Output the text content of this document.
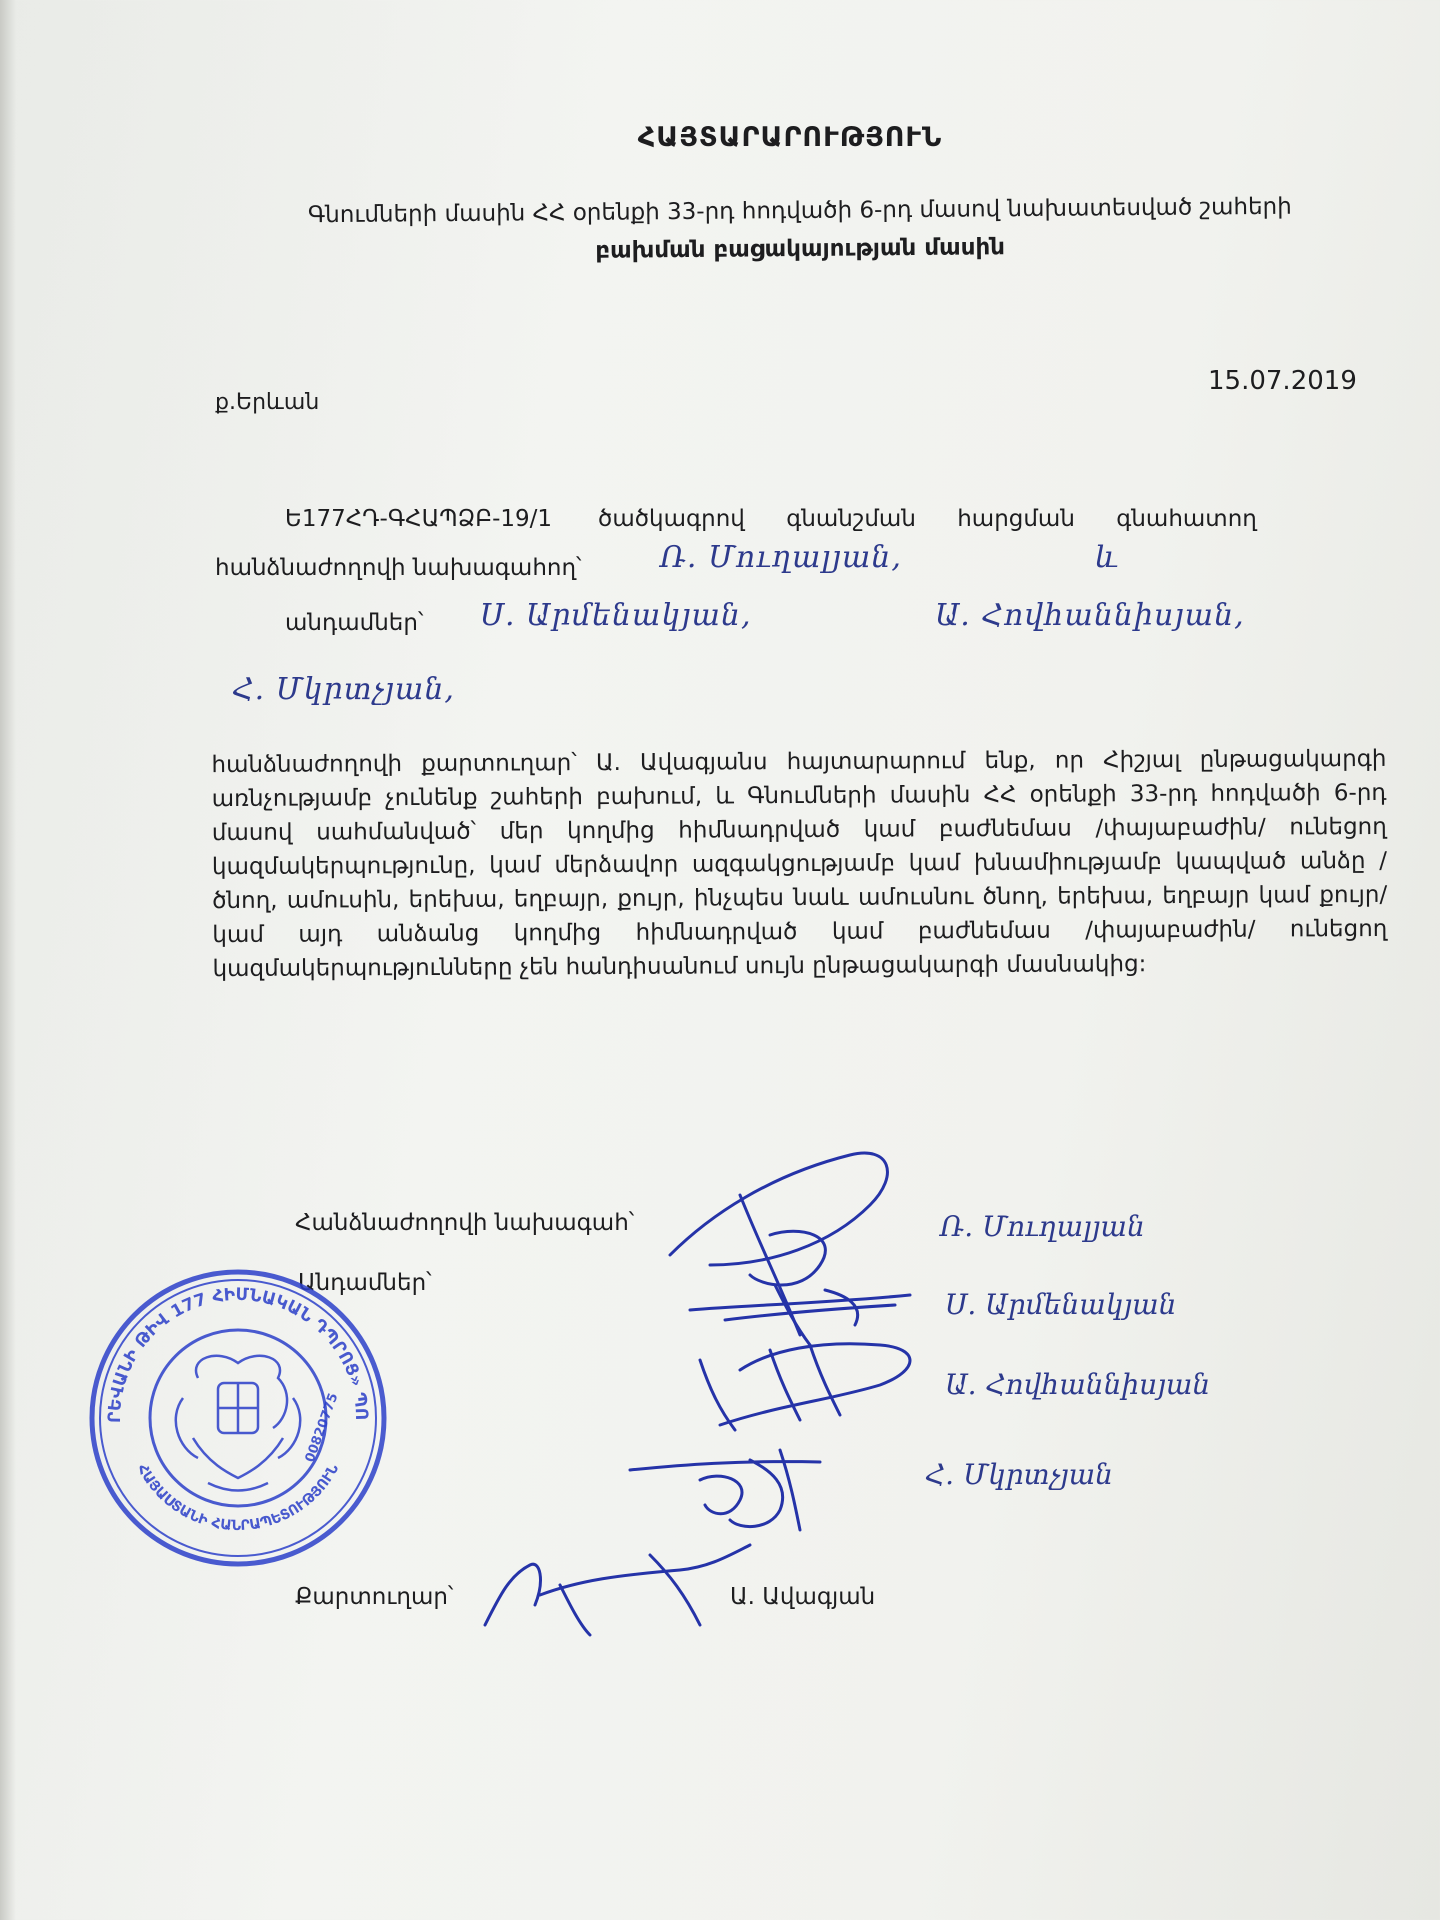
ՀԱՅՏԱՐԱՐՈՒԹՅՈՒՆ
Գնումների մասին ՀՀ օրենքի 33-րդ հոդվածի 6-րդ մասով նախատեսված շահերի
բախման բացակայության մասին
ք.Երևան
15.07.2019
Ե177ՀԴ-ԳՀԱՊՁԲ-19/1 ծածկագրով գնանշման հարցման գնահատող
հանձնաժողովի նախագահող՝	Ռ. Մուղալյան,	և
անդամներ՝ Ս. Արմենակյան,	Ա. Հովհաննիսյան,
Հ. Մկրտչյան,
հանձնաժողովի քարտուղար՝ Ա. Ավագյանս հայտարարում ենք, որ Հիշյալ ընթացակարգի առնչությամբ չունենք շահերի բախում, և Գնումների մասին ՀՀ օրենքի 33-րդ հոդվածի 6-րդ մասով սահմանված՝ մեր կողմից հիմնադրված կամ բաժնեմաս /փայաբաժին/ ունեցող կազմակերպությունը, կամ մերձավոր ազգակցությամբ կամ խնամիությամբ կապված անձը / ծնող, ամուսին, երեխա, եղբայր, քույր, ինչպես նաև ամուսնու ծնող, երեխա, եղբայր կամ քույր/ կամ այդ անձանց կողմից հիմնադրված կամ բաժնեմաս /փայաբաժին/ ունեցող կազմակերպությունները չեն հանդիսանում սույն ընթացակարգի մասնակից:
Հանձնաժողովի նախագահ՝
Անդամներ՝
Քարտուղար՝	Ա. Ավագյան
Ռ. Մուղալյան
Ս. Արմենակյան
Ա. Հովհաննիսյան
Հ. Մկրտչյան
ՐԵՎԱՆԻ ԹԻՎ 177 ՀԻՄՆԱԿԱՆ ԴՊՐՈՑ» ՊՈ
ՀԱՅԱՍՏԱՆԻ ՀԱՆՐԱՊԵՏՈՒԹՅՈՒՆ
00820775
